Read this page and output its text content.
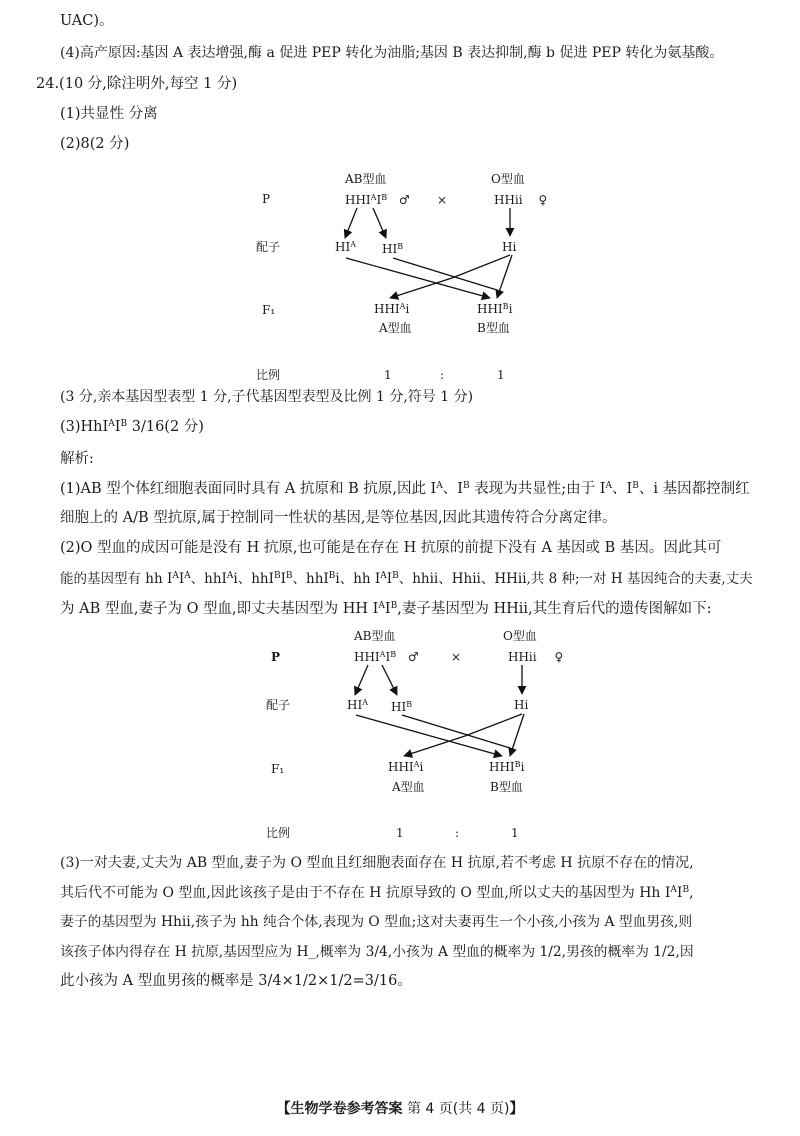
UAC)。
(4)高产原因:基因 A 表达增强,酶 a 促进 PEP 转化为油脂;基因 B 表达抑制,酶 b 促进 PEP 转化为氨基酸。
24.(10 分,除注明外,每空 1 分)
(1)共显性 分离
(2)8(2 分)
P
AB型血
$HHI^AI^B$ ♂ ×
O型血
HHii ♀
配子	$HI^A$ $HI^B$	Hi
F₁	$HHI^Ai$
A型血
$HHI^Bi$
B型血
比例	1	:	1
(3 分,亲本基因型表型 1 分,子代基因型表型及比例 1 分,符号 1 分)
$(3)HhI^AI^B$ 3/16(2 分)
解析:
(1)AB 型个体红细胞表面同时具有 A 抗原和 B 抗原,因此 $I^A$、$I^B$ 表现为共显性;由于 $I^A$、$I^B$、i 基因都控制红
细胞上的 A/B 型抗原,属于控制同一性状的基因,是等位基因,因此其遗传符合分离定律。
(2)O 型血的成因可能是没有 H 抗原,也可能是在存在 H 抗原的前提下没有 A 基因或 B 基因。因此其可
能的基因型有 hh $I^AI^A$、hhI$^A$i、$hhI^BI^B$、hhI$^B$i、hh $I^AI^B$、hhii、Hhii、HHii,共 8 种;一对 H 基因纯合的夫妻,丈夫
为 AB 型血,妻子为 O 型血,即丈夫基因型为 HH $I^AI^B$,妻子基因型为 HHii,其生育后代的遗传图解如下:
P
AB型血
$HHI^AI^B$ ♂	×
O型血
HHii ♀
配子	$HI^A$ $HI^B$	Hi
F₁	$HHI^Ai$
A型血
$HHI^Bi$
B型血
比例	1	:	1
(3)一对夫妻,丈夫为 AB 型血,妻子为 O 型血且红细胞表面存在 H 抗原,若不考虑 H 抗原不存在的情况,
其后代不可能为 O 型血,因此该孩子是由于不存在 H 抗原导致的 O 型血,所以丈夫的基因型为 Hh $I^AI^B$,
妻子的基因型为 Hhii,孩子为 hh 纯合个体,表现为 O 型血;这对夫妻再生一个小孩,小孩为 A 型血男孩,则
该孩子体内得存在 H 抗原,基因型应为 H_,概率为 3/4,小孩为 A 型血的概率为 1/2,男孩的概率为 1/2,因
此小孩为 A 型血男孩的概率是 3/4×1/2×1/2=3/16。
【生物学卷参考答案 第 4 页(共 4 页)】
